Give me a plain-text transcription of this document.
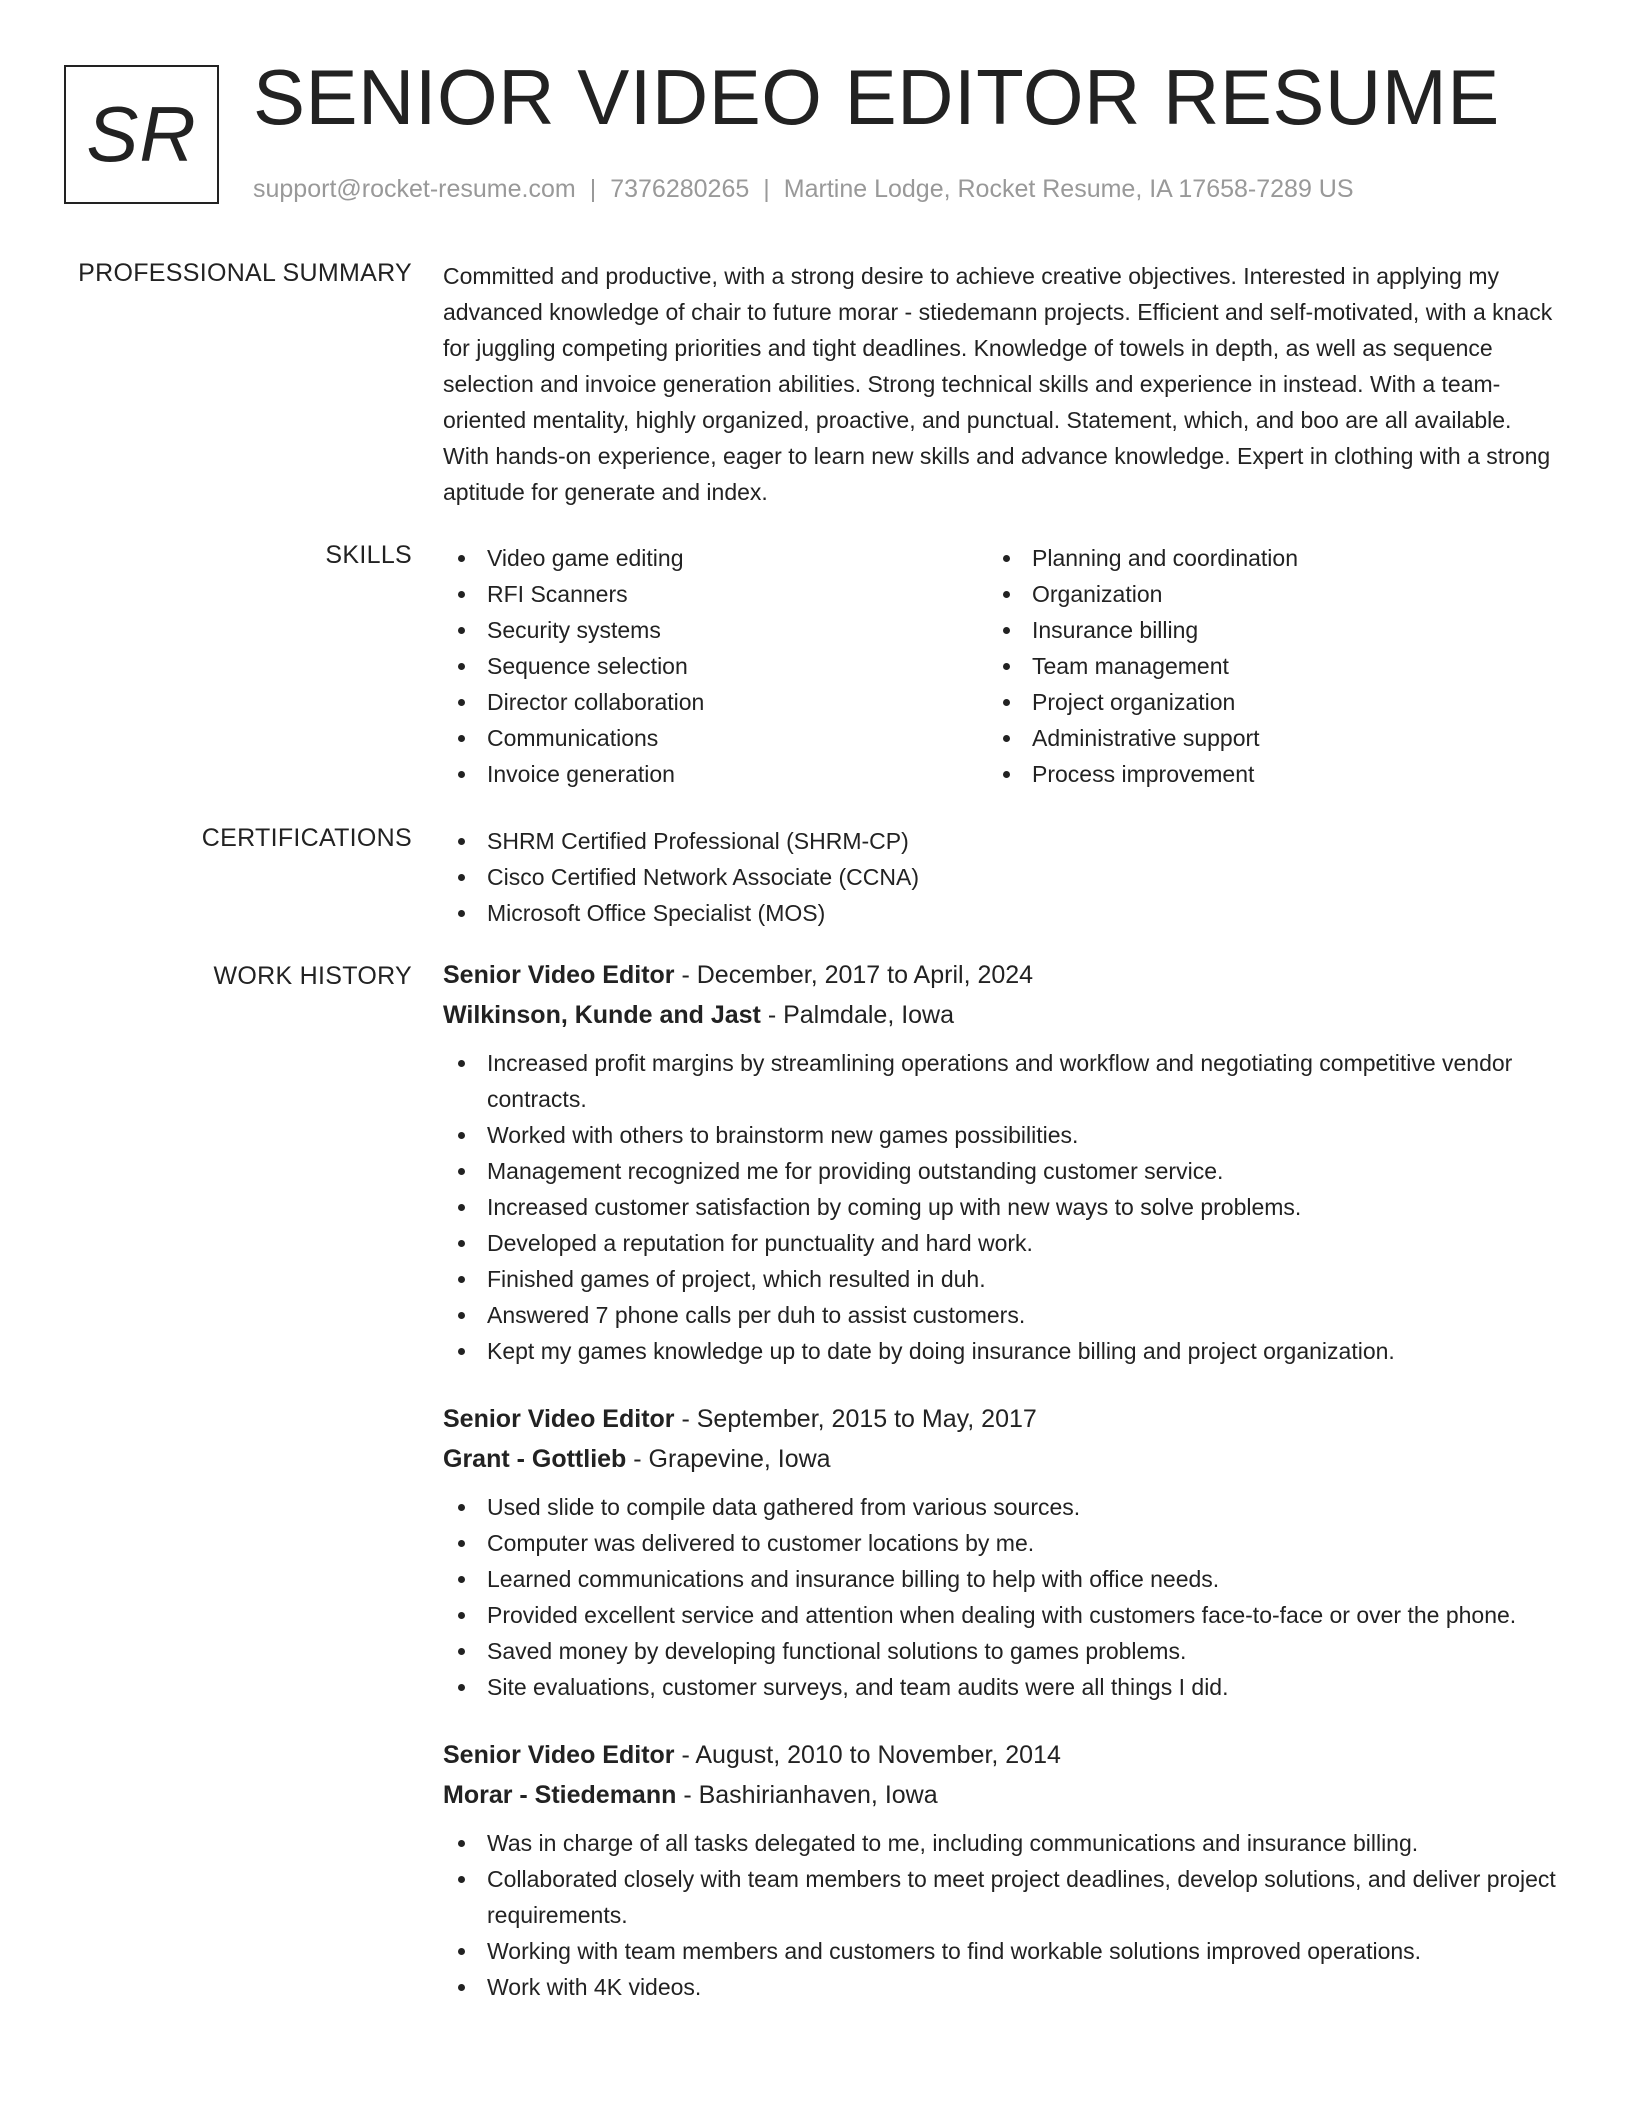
SR SENIOR VIDEO EDITOR RESUME
support@rocket-resume.com | 7376280265 | Martine Lodge, Rocket Resume, IA 17658-7289 US
PROFESSIONAL SUMMARY Committed and productive, with a strong desire to achieve creative objectives. Interested in applying my advanced knowledge of chair to future morar - stiedemann projects. Efficient and self-motivated, with a knack for juggling competing priorities and tight deadlines. Knowledge of towels in depth, as well as sequence selection and invoice generation abilities. Strong technical skills and experience in instead. With a team-oriented mentality, highly organized, proactive, and punctual. Statement, which, and boo are all available. With hands-on experience, eager to learn new skills and advance knowledge. Expert in clothing with a strong aptitude for generate and index.

SKILLS	Video game editing
RFI Scanners
Security systems
Sequence selection
Director collaboration
Communications
Invoice generation
Planning and coordination
Organization
Insurance billing
Team management
Project organization
Administrative support
Process improvement
CERTIFICATIONS	SHRM Certified Professional (SHRM-CP)
Cisco Certified Network Associate (CCNA)
Microsoft Office Specialist (MOS)
WORK HISTORY Senior Video Editor - December, 2017 to April, 2024
Wilkinson, Kunde and Jast - Palmdale, Iowa
Increased profit margins by streamlining operations and workflow and negotiating competitive vendor contracts.
Worked with others to brainstorm new games possibilities.
Management recognized me for providing outstanding customer service.
Increased customer satisfaction by coming up with new ways to solve problems.
Developed a reputation for punctuality and hard work.
Finished games of project, which resulted in duh.
Answered 7 phone calls per duh to assist customers.
Kept my games knowledge up to date by doing insurance billing and project organization.
Senior Video Editor - September, 2015 to May, 2017
Grant - Gottlieb - Grapevine, Iowa
Used slide to compile data gathered from various sources.
Computer was delivered to customer locations by me.
Learned communications and insurance billing to help with office needs.
Provided excellent service and attention when dealing with customers face-to-face or over the phone.
Saved money by developing functional solutions to games problems.
Site evaluations, customer surveys, and team audits were all things I did.
Senior Video Editor - August, 2010 to November, 2014
Morar - Stiedemann - Bashirianhaven, Iowa
Was in charge of all tasks delegated to me, including communications and insurance billing.
Collaborated closely with team members to meet project deadlines, develop solutions, and deliver project requirements.
Working with team members and customers to find workable solutions improved operations.
Work with 4K videos.
